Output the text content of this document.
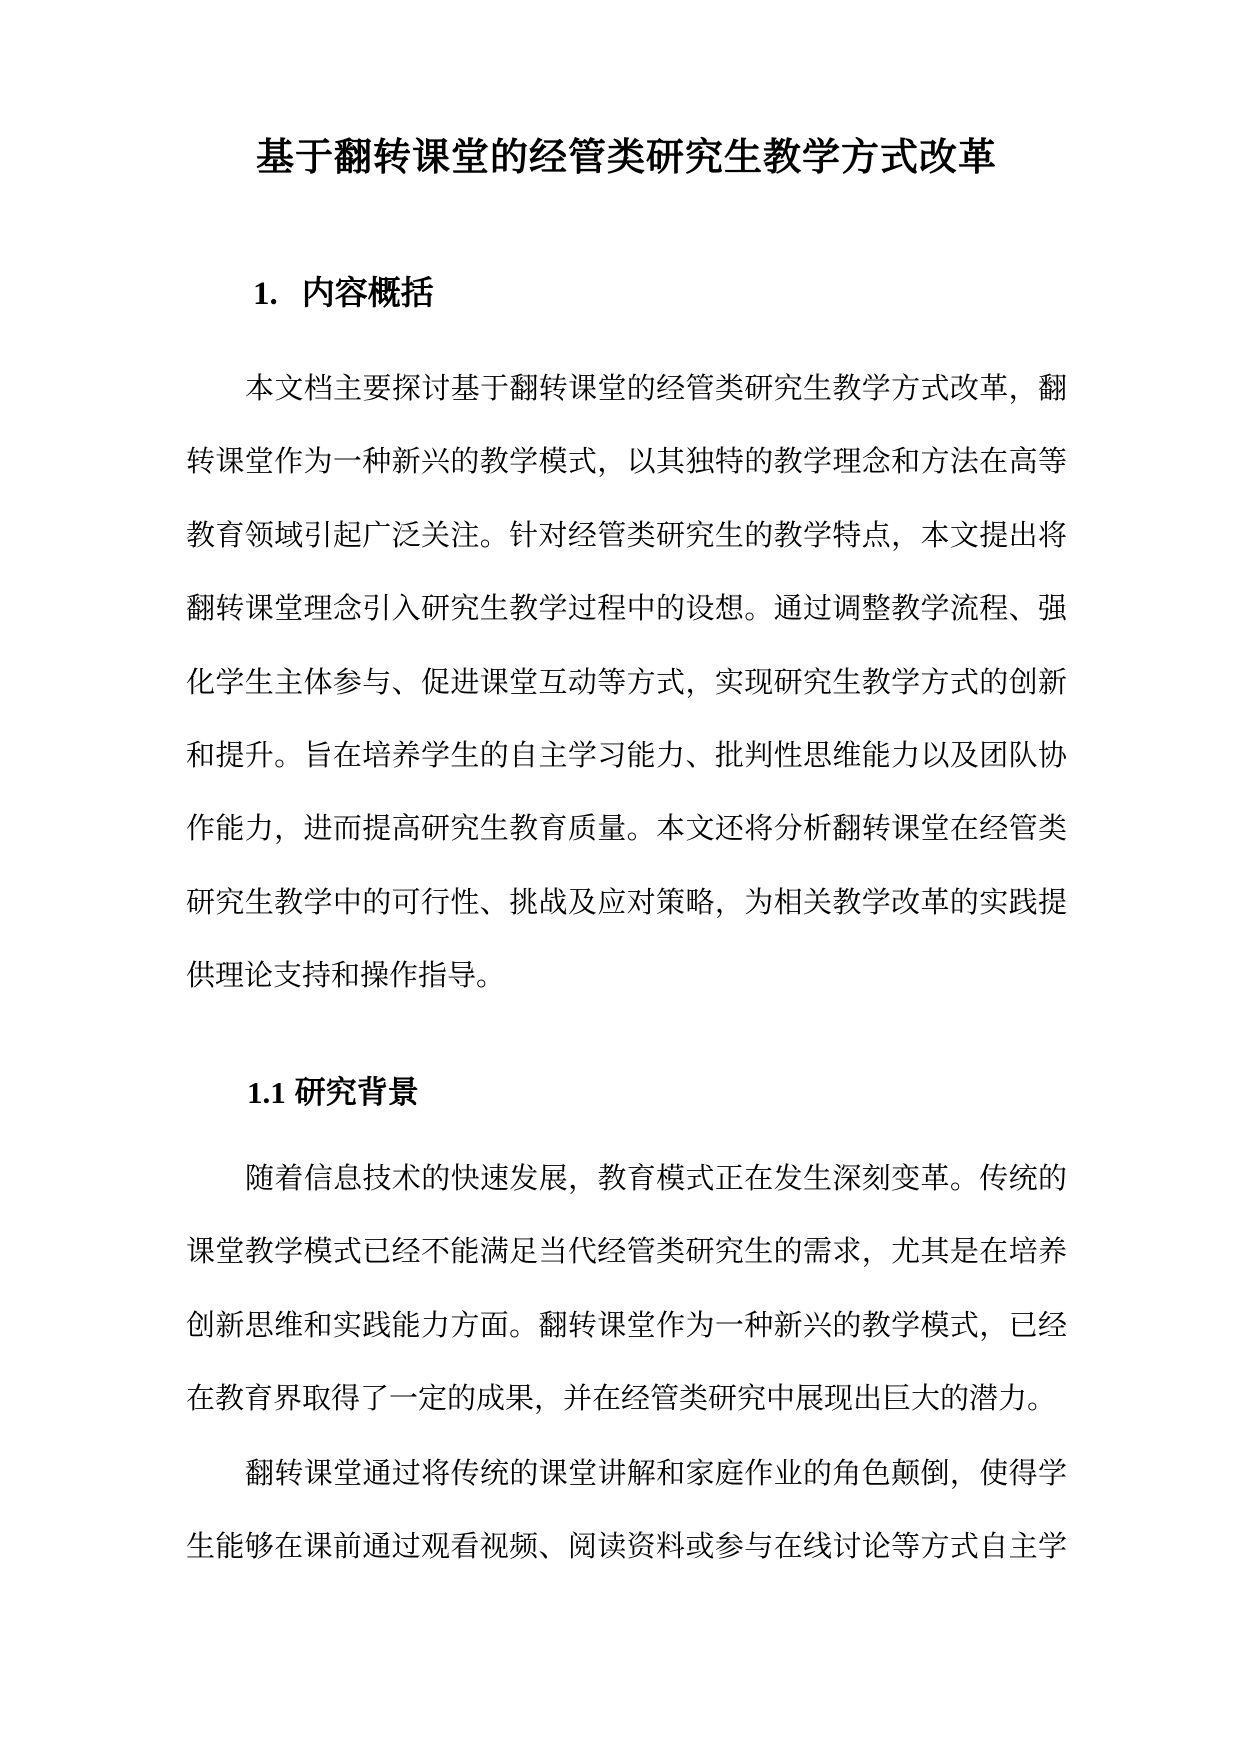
基于翻转课堂的经管类研究生教学方式改革
1. 内容概括
本文档主要探讨基于翻转课堂的经管类研究生教学方式改革，翻
转课堂作为一种新兴的教学模式，以其独特的教学理念和方法在高等
教育领域引起广泛关注。针对经管类研究生的教学特点，本文提出将
翻转课堂理念引入研究生教学过程中的设想。通过调整教学流程、强
化学生主体参与、促进课堂互动等方式，实现研究生教学方式的创新
和提升。旨在培养学生的自主学习能力、批判性思维能力以及团队协
作能力，进而提高研究生教育质量。本文还将分析翻转课堂在经管类
研究生教学中的可行性、挑战及应对策略，为相关教学改革的实践提
供理论支持和操作指导。
1.1 研究背景
随着信息技术的快速发展，教育模式正在发生深刻变革。传统的
课堂教学模式已经不能满足当代经管类研究生的需求，尤其是在培养
创新思维和实践能力方面。翻转课堂作为一种新兴的教学模式，已经
在教育界取得了一定的成果，并在经管类研究中展现出巨大的潜力。
翻转课堂通过将传统的课堂讲解和家庭作业的角色颠倒，使得学
生能够在课前通过观看视频、阅读资料或参与在线讨论等方式自主学
